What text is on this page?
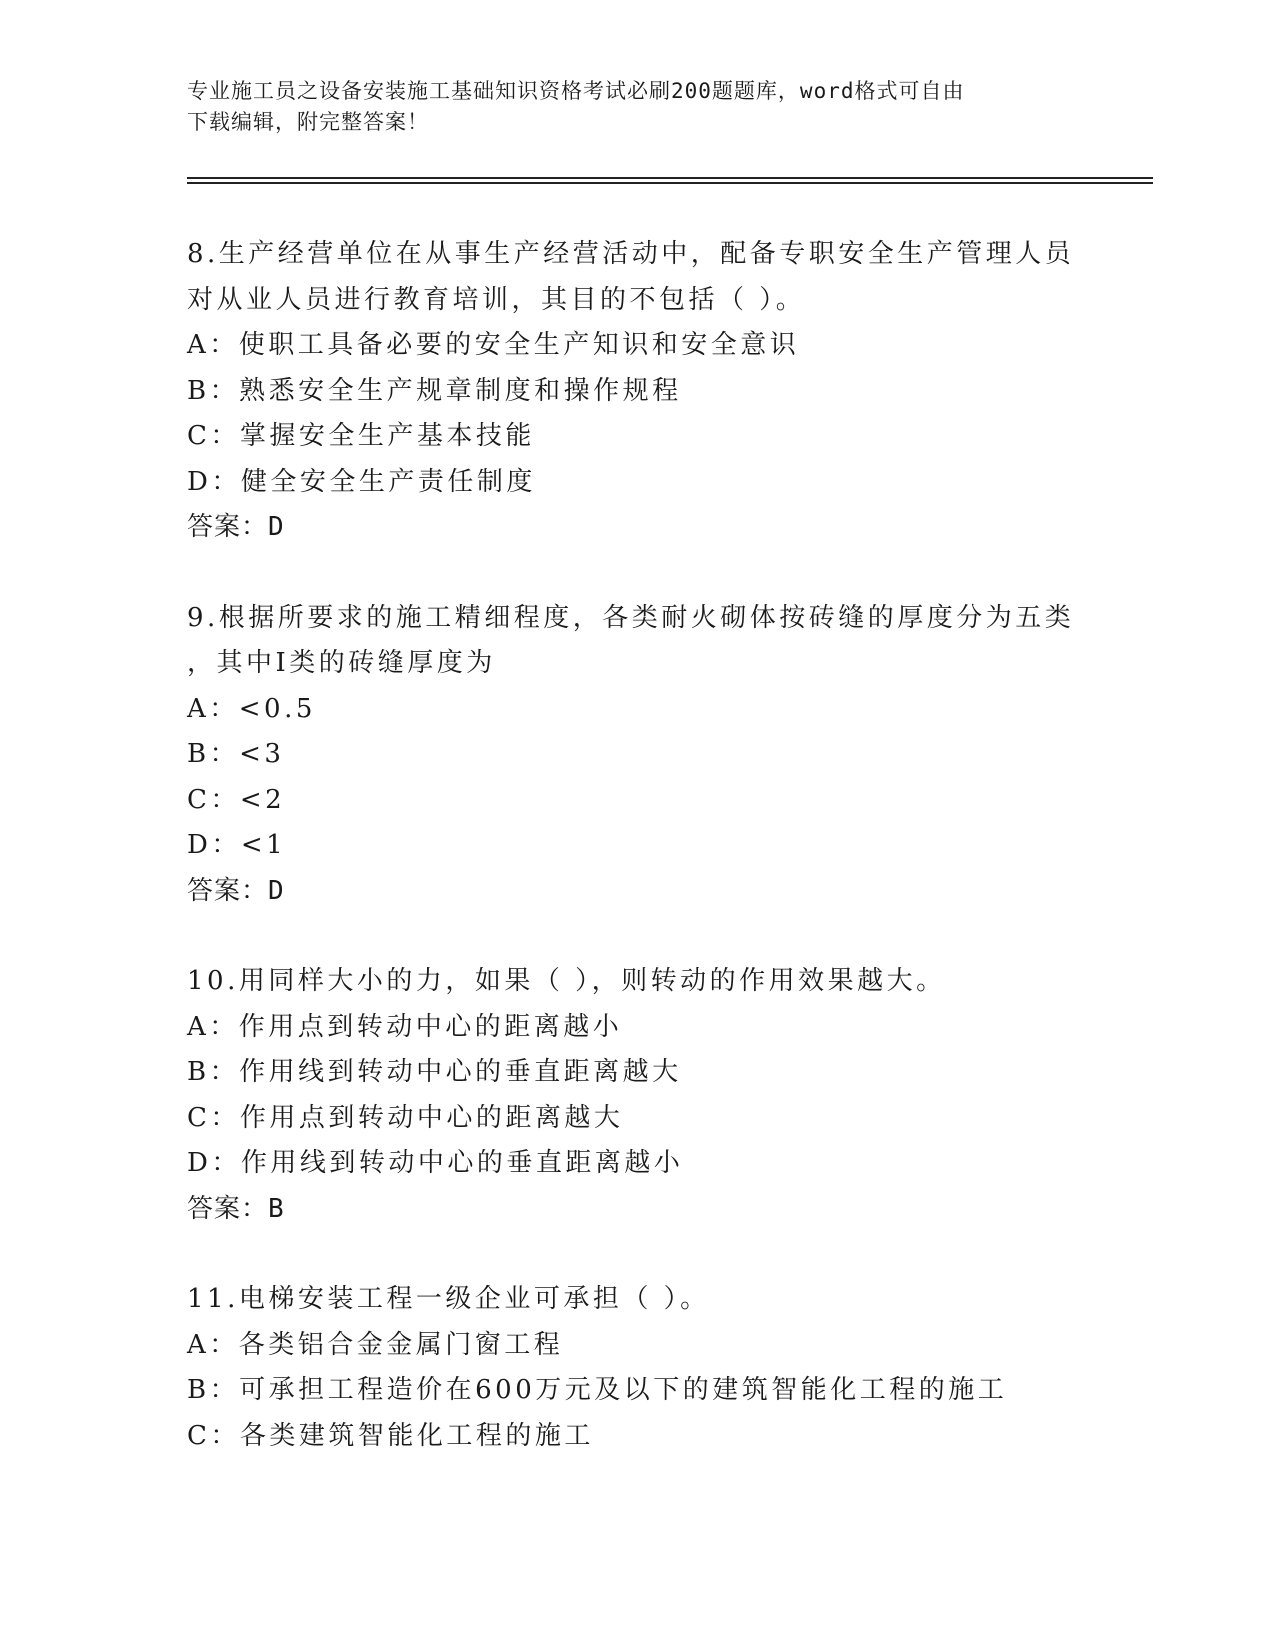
专业施工员之设备安装施工基础知识资格考试必刷200题题库，word格式可自由
下载编辑，附完整答案！
8.生产经营单位在从事生产经营活动中，配备专职安全生产管理人员
对从业人员进行教育培训，其目的不包括（ ）。
A：使职工具备必要的安全生产知识和安全意识
B：熟悉安全生产规章制度和操作规程
C：掌握安全生产基本技能
D：健全安全生产责任制度
答案：D
9.根据所要求的施工精细程度，各类耐火砌体按砖缝的厚度分为五类
，其中Ⅰ类的砖缝厚度为
A：<0.5
B：<3
C：<2
D：<1
答案：D
10.用同样大小的力，如果（ ），则转动的作用效果越大。
A：作用点到转动中心的距离越小
B：作用线到转动中心的垂直距离越大
C：作用点到转动中心的距离越大
D：作用线到转动中心的垂直距离越小
答案：B
11.电梯安装工程一级企业可承担（ ）。
A：各类铝合金金属门窗工程
B：可承担工程造价在600万元及以下的建筑智能化工程的施工
C：各类建筑智能化工程的施工
